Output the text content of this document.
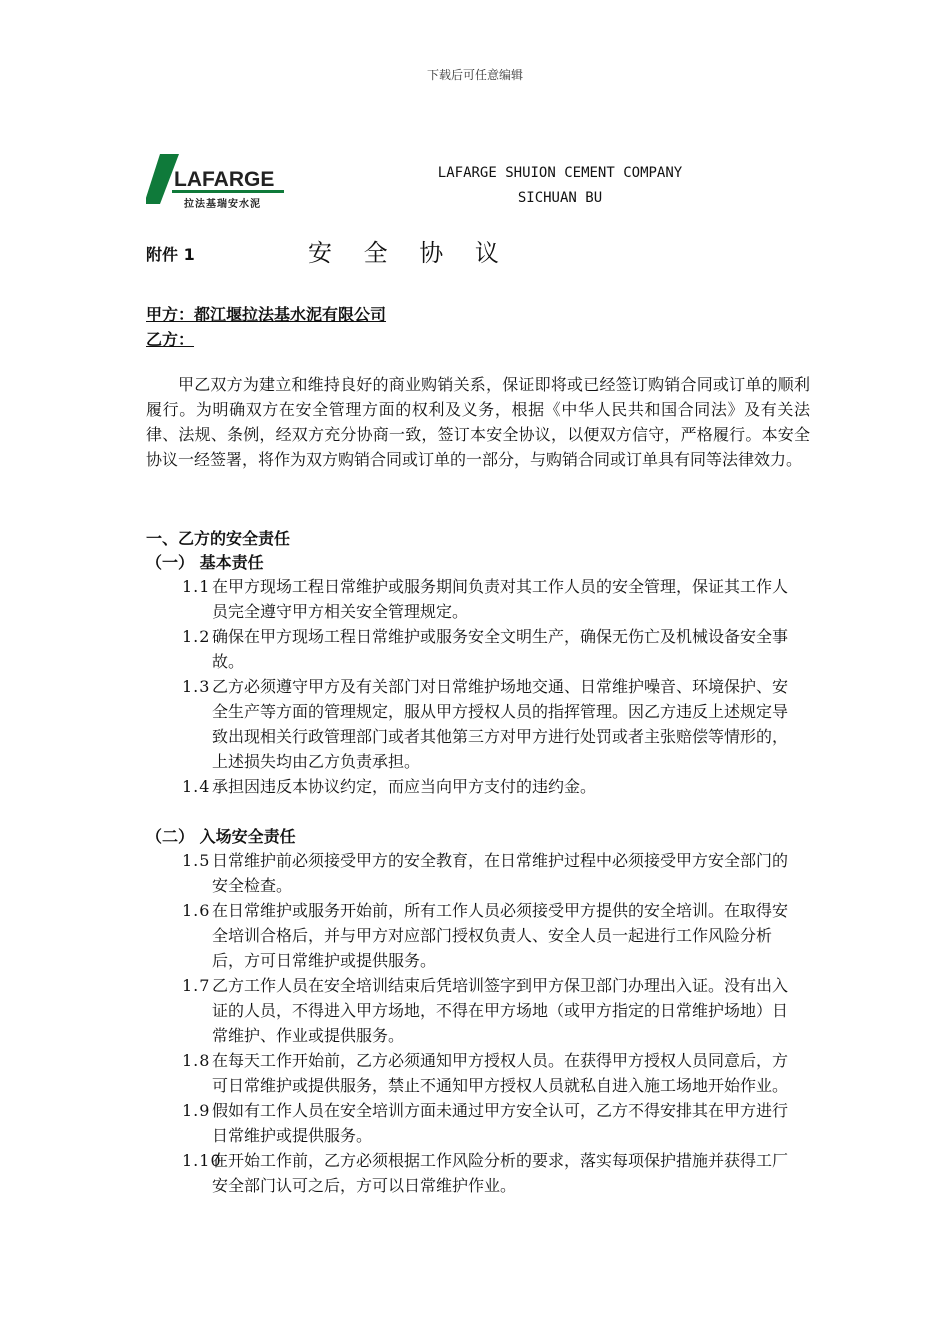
下载后可任意编辑
LAFARGE
拉法基瑞安水泥
LAFARGE SHUION CEMENT COMPANY
SICHUAN BU
附件 1	安 全 协 议
甲方：都江堰拉法基水泥有限公司
乙方：

甲乙双方为建立和维持良好的商业购销关系，保证即将或已经签订购销合同或订单的顺利履行。为明确双方在安全管理方面的权利及义务，根据《中华人民共和国合同法》及有关法律、法规、条例，经双方充分协商一致，签订本安全协议，以便双方信守，严格履行。本安全协议一经签署，将作为双方购销合同或订单的一部分，与购销合同或订单具有同等法律效力。

一、乙方的安全责任
（一） 基本责任
1.1 在甲方现场工程日常维护或服务期间负责对其工作人员的安全管理，保证其工作人员完全遵守甲方相关安全管理规定。

1.2 确保在甲方现场工程日常维护或服务安全文明生产，确保无伤亡及机械设备安全事故。

1.3 乙方必须遵守甲方及有关部门对日常维护场地交通、日常维护噪音、环境保护、安全生产等方面的管理规定，服从甲方授权人员的指挥管理。因乙方违反上述规定导致出现相关行政管理部门或者其他第三方对甲方进行处罚或者主张赔偿等情形的，上述损失均由乙方负责承担。

1.4 承担因违反本协议约定，而应当向甲方支付的违约金。

（二） 入场安全责任
1.5 日常维护前必须接受甲方的安全教育，在日常维护过程中必须接受甲方安全部门的安全检查。

1.6 在日常维护或服务开始前，所有工作人员必须接受甲方提供的安全培训。在取得安全培训合格后，并与甲方对应部门授权负责人、安全人员一起进行工作风险分析后，方可日常维护或提供服务。

1.7 乙方工作人员在安全培训结束后凭培训签字到甲方保卫部门办理出入证。没有出入证的人员，不得进入甲方场地，不得在甲方场地（或甲方指定的日常维护场地）日常维护、作业或提供服务。

1.8 在每天工作开始前，乙方必须通知甲方授权人员。在获得甲方授权人员同意后，方可日常维护或提供服务，禁止不通知甲方授权人员就私自进入施工场地开始作业。

1.9 假如有工作人员在安全培训方面未通过甲方安全认可，乙方不得安排其在甲方进行日常维护或提供服务。

1.10

在开始工作前，乙方必须根据工作风险分析的要求，落实每项保护措施并获得工厂安全部门认可之后，方可以日常维护作业。
